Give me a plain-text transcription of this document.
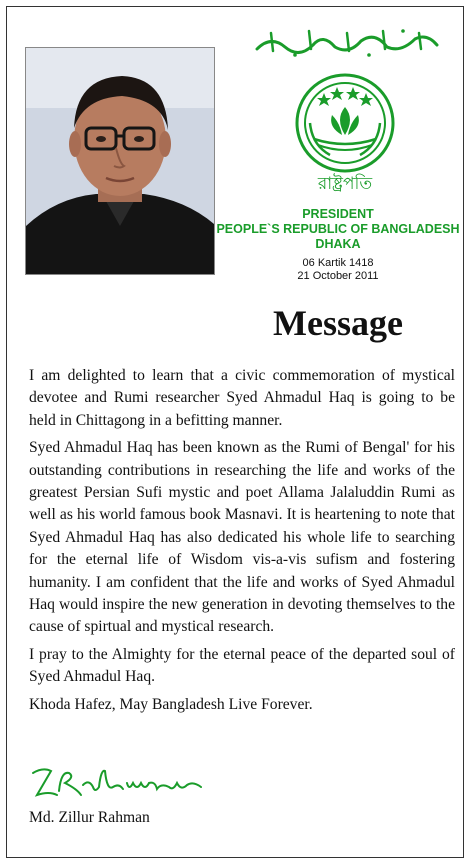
রাষ্ট্রপতি
PRESIDENT
PEOPLE`S REPUBLIC OF BANGLADESH
DHAKA
06 Kartik 1418
21 October 2011
Message

I am delighted to learn that a civic commemoration of mystical devotee and Rumi researcher Syed Ahmadul Haq is going to be held in Chittagong in a befitting manner.

Syed Ahmadul Haq has been known as the Rumi of Bengal' for his outstanding contributions in researching the life and works of the greatest Persian Sufi mystic and poet Allama Jalaluddin Rumi as well as his world famous book Masnavi. It is heartening to note that Syed Ahmadul Haq has also dedicated his whole life to searching for the eternal life of Wisdom vis-a-vis sufism and fostering humanity. I am confident that the life and works of Syed Ahmadul Haq would inspire the new generation in devoting themselves to the cause of spirtual and mystical research.

I pray to the Almighty for the eternal peace of the departed soul of Syed Ahmadul Haq.

Khoda Hafez, May Bangladesh Live Forever.

Md. Zillur Rahman
